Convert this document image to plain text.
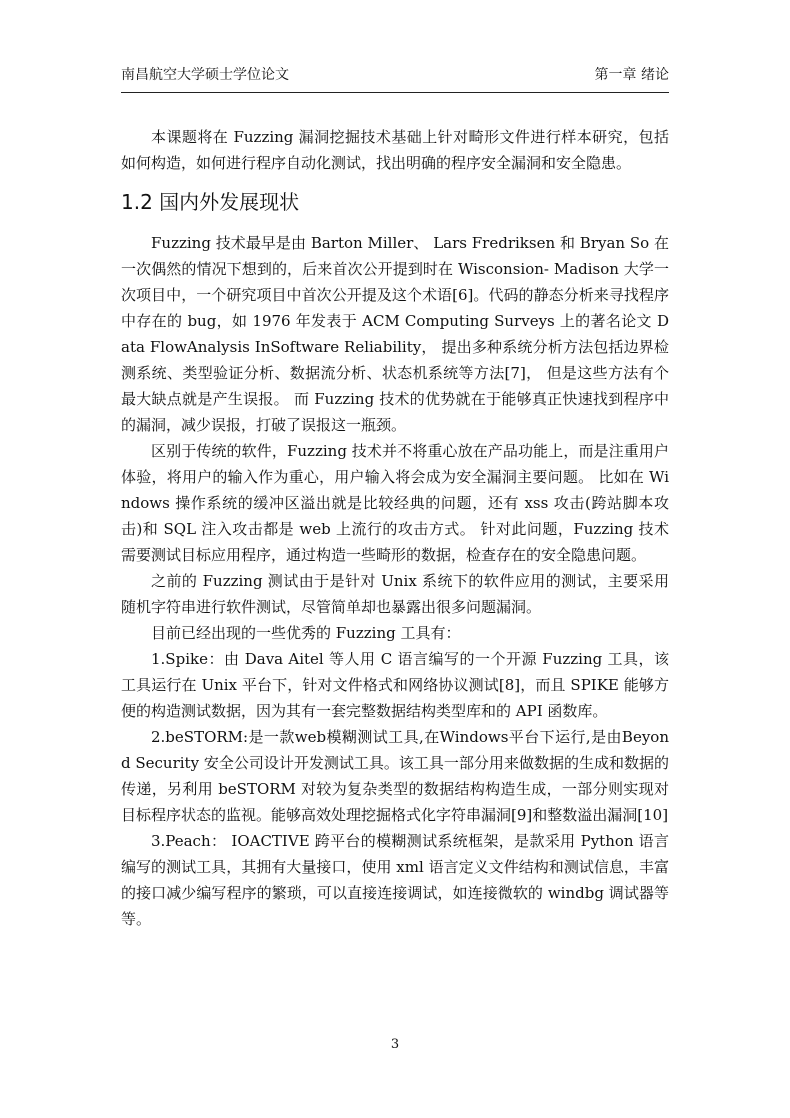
南昌航空大学硕士学位论文	第一章 绪论

本课题将在 Fuzzing 漏洞挖掘技术基础上针对畸形文件进行样本研究，包括如何构造，如何进行程序自动化测试，找出明确的程序安全漏洞和安全隐患。

1.2 国内外发展现状

Fuzzing 技术最早是由 Barton Miller、 Lars Fredriksen 和 Bryan So 在一次偶然的情况下想到的，后来首次公开提到时在 Wisconsion- Madison 大学一次项目中，一个研究项目中首次公开提及这个术语[6]。代码的静态分析来寻找程序中存在的 bug，如 1976 年发表于 ACM Computing Surveys 上的著名论文 Data FlowAnalysis InSoftware Reliability， 提出多种系统分析方法包括边界检测系统、类型验证分析、数据流分析、状态机系统等方法[7]， 但是这些方法有个最大缺点就是产生误报。 而 Fuzzing 技术的优势就在于能够真正快速找到程序中的漏洞，减少误报，打破了误报这一瓶颈。

区别于传统的软件，Fuzzing 技术并不将重心放在产品功能上，而是注重用户体验，将用户的输入作为重心，用户输入将会成为安全漏洞主要问题。 比如在 Windows 操作系统的缓冲区溢出就是比较经典的问题，还有 xss 攻击(跨站脚本攻击)和 SQL 注入攻击都是 web 上流行的攻击方式。 针对此问题，Fuzzing 技术需要测试目标应用程序，通过构造一些畸形的数据，检查存在的安全隐患问题。

之前的 Fuzzing 测试由于是针对 Unix 系统下的软件应用的测试，主要采用随机字符串进行软件测试，尽管简单却也暴露出很多问题漏洞。

目前已经出现的一些优秀的 Fuzzing 工具有：

1.Spike：由 Dava Aitel 等人用 C 语言编写的一个开源 Fuzzing 工具，该工具运行在 Unix 平台下，针对文件格式和网络协议测试[8]，而且 SPIKE 能够方便的构造测试数据，因为其有一套完整数据结构类型库和的 API 函数库。

2.beSTORM:是一款web模糊测试工具,在Windows平台下运行,是由Beyond Security 安全公司设计开发测试工具。该工具一部分用来做数据的生成和数据的传递，另利用 beSTORM 对较为复杂类型的数据结构构造生成，一部分则实现对目标程序状态的监视。能够高效处理挖掘格式化字符串漏洞[9]和整数溢出漏洞[10]

3.Peach： IOACTIVE 跨平台的模糊测试系统框架，是款采用 Python 语言编写的测试工具，其拥有大量接口，使用 xml 语言定义文件结构和测试信息，丰富的接口减少编写程序的繁琐，可以直接连接调试，如连接微软的 windbg 调试器等等。

3
